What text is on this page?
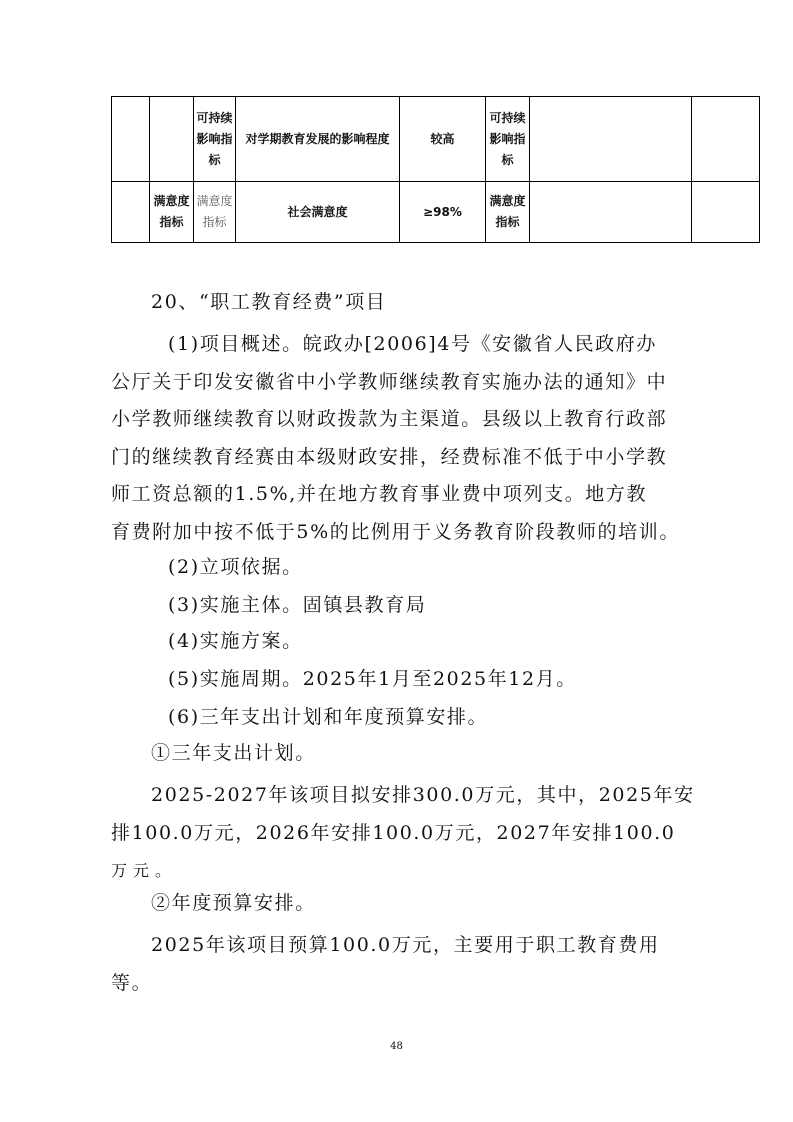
		可持续影响指标	对学期教育发展的影响程度	较高	可持续影响指标		
	满意度指标	满意度指标	社会满意度	≥98%	满意度指标		

20、“职工教育经费”项目

(1)项目概述。皖政办[2006]4号《安徽省人民政府办
公厅关于印发安徽省中小学教师继续教育实施办法的通知》中
小学教师继续教育以财政拨款为主渠道。县级以上教育行政部
门的继续教育经赛由本级财政安排，经费标准不低于中小学教
师工资总额的1.5%,并在地方教育事业费中项列支。地方教
育费附加中按不低于5%的比例用于义务教育阶段教师的培训。

(2)立项依据。

(3)实施主体。固镇县教育局

(4)实施方案。

(5)实施周期。2025年1月至2025年12月。

(6)三年支出计划和年度预算安排。

①三年支出计划。

2025-2027年该项目拟安排300.0万元，其中，2025年安
排100.0万元，2026年安排100.0万元，2027年安排100.0
万元。

②年度预算安排。

2025年该项目预算100.0万元，主要用于职工教育费用
等。
48
